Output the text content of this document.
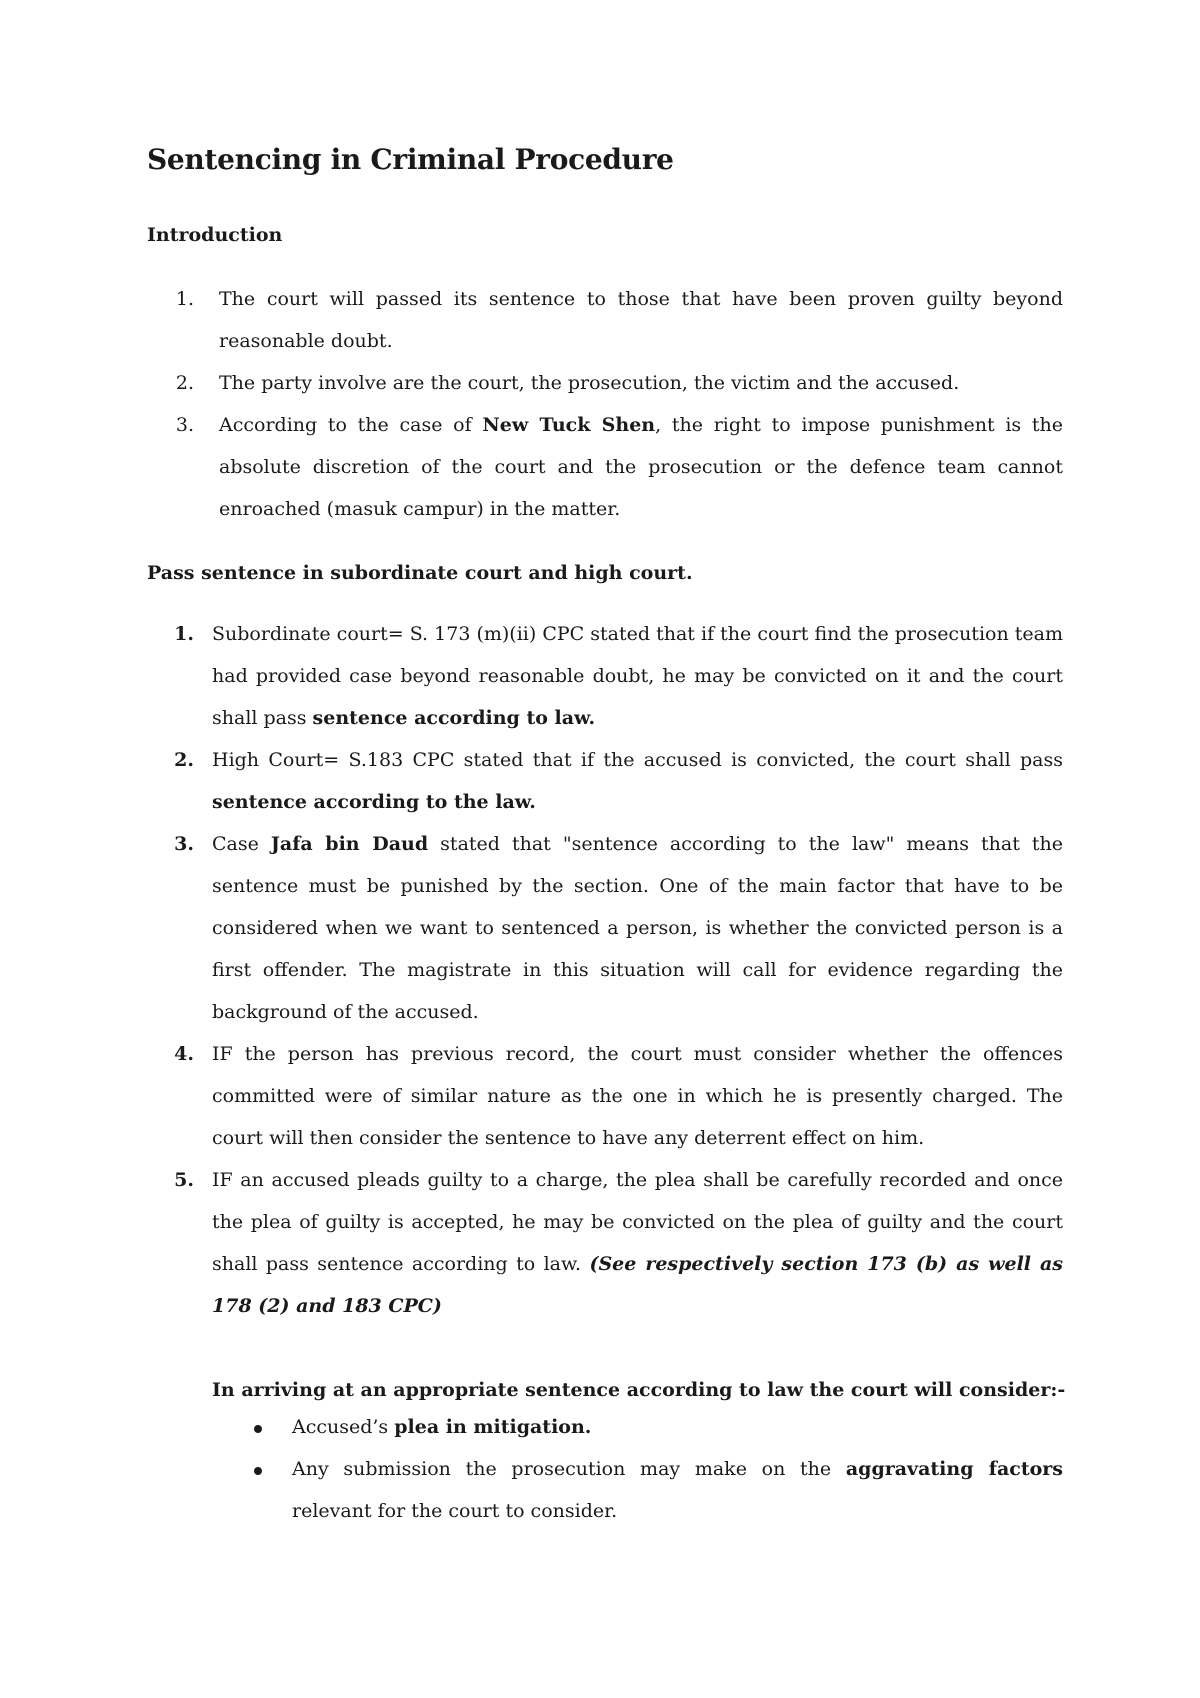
Sentencing in Criminal Procedure
Introduction
1. The court will passed its sentence to those that have been proven guilty beyond reasonable doubt.

2. The party involve are the court, the prosecution, the victim and the accused.

3. According to the case of New Tuck Shen, the right to impose punishment is the absolute discretion of the court and the prosecution or the defence team cannot enroached (masuk campur) in the matter.

Pass sentence in subordinate court and high court.
1. Subordinate court= S. 173 (m)(ii) CPC stated that if the court find the prosecution team had provided case beyond reasonable doubt, he may be convicted on it and the court shall pass sentence according to law.

2. High Court= S.183 CPC stated that if the accused is convicted, the court shall pass sentence according to the law.

3. Case Jafa bin Daud stated that "sentence according to the law" means that the sentence must be punished by the section. One of the main factor that have to be considered when we want to sentenced a person, is whether the convicted person is a first offender. The magistrate in this situation will call for evidence regarding the background of the accused.

4. IF the person has previous record, the court must consider whether the offences committed were of similar nature as the one in which he is presently charged. The court will then consider the sentence to have any deterrent effect on him.

5. IF an accused pleads guilty to a charge, the plea shall be carefully recorded and once the plea of guilty is accepted, he may be convicted on the plea of guilty and the court shall pass sentence according to law. (See respectively section 173 (b) as well as 178 (2) and 183 CPC)

In arriving at an appropriate sentence according to law the court will consider:-

Accused’s plea in mitigation.

Any submission the prosecution may make on the aggravating factors relevant for the court to consider.
